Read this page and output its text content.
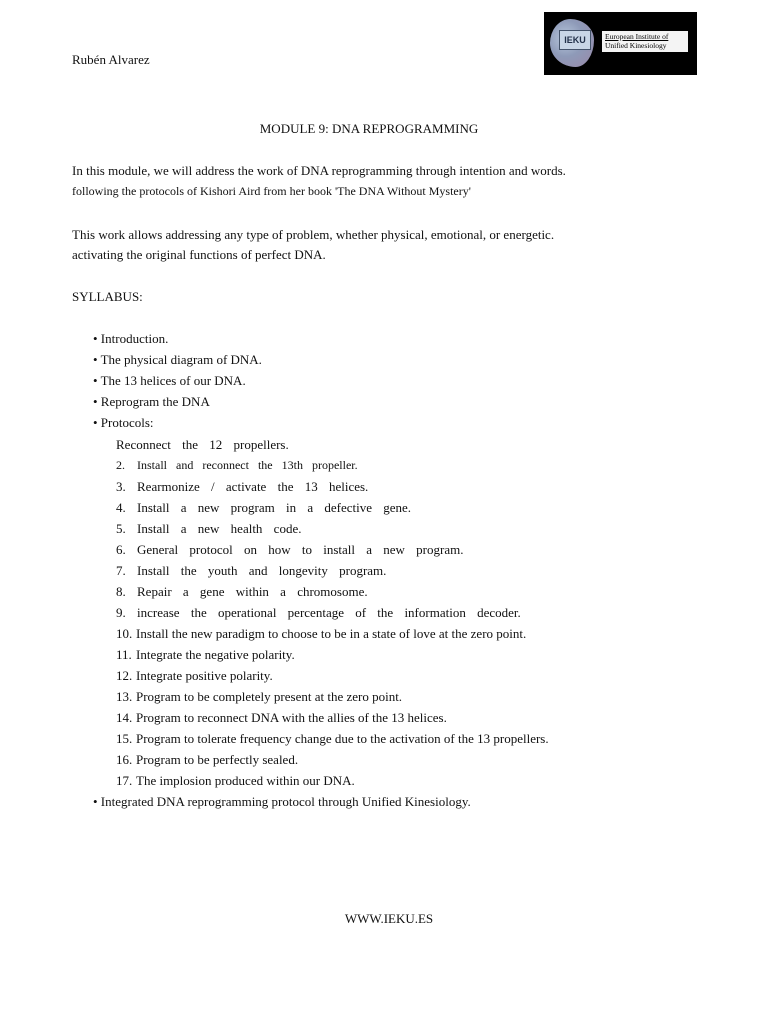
Rubén Alvarez
IEKU	European Institute of
Unified Kinesiology
MODULE 9: DNA REPROGRAMMING
In this module, we will address the work of DNA reprogramming through intention and words.
following the protocols of Kishori Aird from her book 'The DNA Without Mystery'
This work allows addressing any type of problem, whether physical, emotional, or energetic.
activating the original functions of perfect DNA.
SYLLABUS:
• Introduction.
• The physical diagram of DNA.
• The 13 helices of our DNA.
• Reprogram the DNA
• Protocols:
Reconnect the 12 propellers.
2. Install and reconnect the 13th propeller.
3. Rearmonize / activate the 13 helices.
4. Install a new program in a defective gene.
5. Install a new health code.
6. General protocol on how to install a new program.
7. Install the youth and longevity program.
8. Repair a gene within a chromosome.
9. increase the operational percentage of the information decoder.
10. Install the new paradigm to choose to be in a state of love at the zero point.
11. Integrate the negative polarity.
12. Integrate positive polarity.
13. Program to be completely present at the zero point.
14. Program to reconnect DNA with the allies of the 13 helices.
15. Program to tolerate frequency change due to the activation of the 13 propellers.
16. Program to be perfectly sealed.
17. The implosion produced within our DNA.
• Integrated DNA reprogramming protocol through Unified Kinesiology.
WWW.IEKU.ES
